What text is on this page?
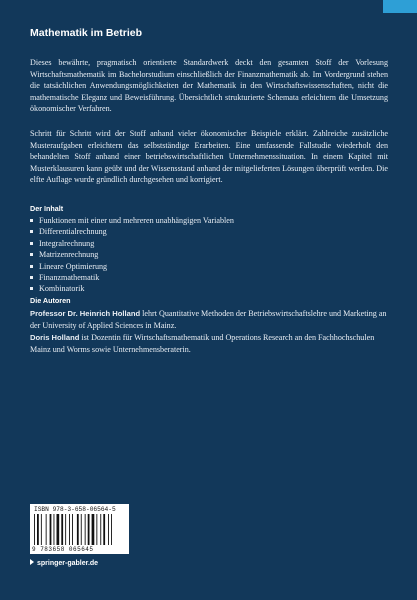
Mathematik im Betrieb

Dieses bewährte, pragmatisch orientierte Standardwerk deckt den gesamten Stoff der Vorlesung Wirtschaftsmathematik im Bachelorstudium einschließlich der Finanzmathematik ab. Im Vordergrund stehen die tatsächlichen Anwendungsmöglichkeiten der Mathematik in den Wirtschaftswissenschaften, nicht die mathematische Eleganz und Beweisführung. Übersichtlich strukturierte Schemata erleichtern die Umsetzung ökonomischer Verfahren.

Schritt für Schritt wird der Stoff anhand vieler ökonomischer Beispiele erklärt. Zahlreiche zusätzliche Musteraufgaben erleichtern das selbstständige Erarbeiten. Eine umfassende Fallstudie wiederholt den behandelten Stoff anhand einer betriebswirtschaftlichen Unternehmenssituation. In einem Kapitel mit Musterklausuren kann geübt und der Wissensstand anhand der mitgelieferten Lösungen überprüft werden. Die elfte Auflage wurde gründlich durchgesehen und korrigiert.

Der Inhalt
Funktionen mit einer und mehreren unabhängigen Variablen
Differentialrechnung
Integralrechnung
Matrizenrechnung
Lineare Optimierung
Finanzmathematik
Kombinatorik
Die Autoren

Professor Dr. Heinrich Holland lehrt Quantitative Methoden der Betriebswirtschaftslehre und Marketing an der University of Applied Sciences in Mainz.

Doris Holland ist Dozentin für Wirtschaftsmathematik und Operations Research an den Fachhochschulen Mainz und Worms sowie Unternehmensberaterin.

ISBN 978-3-658-06564-5
9 783658 065645
springer-gabler.de
